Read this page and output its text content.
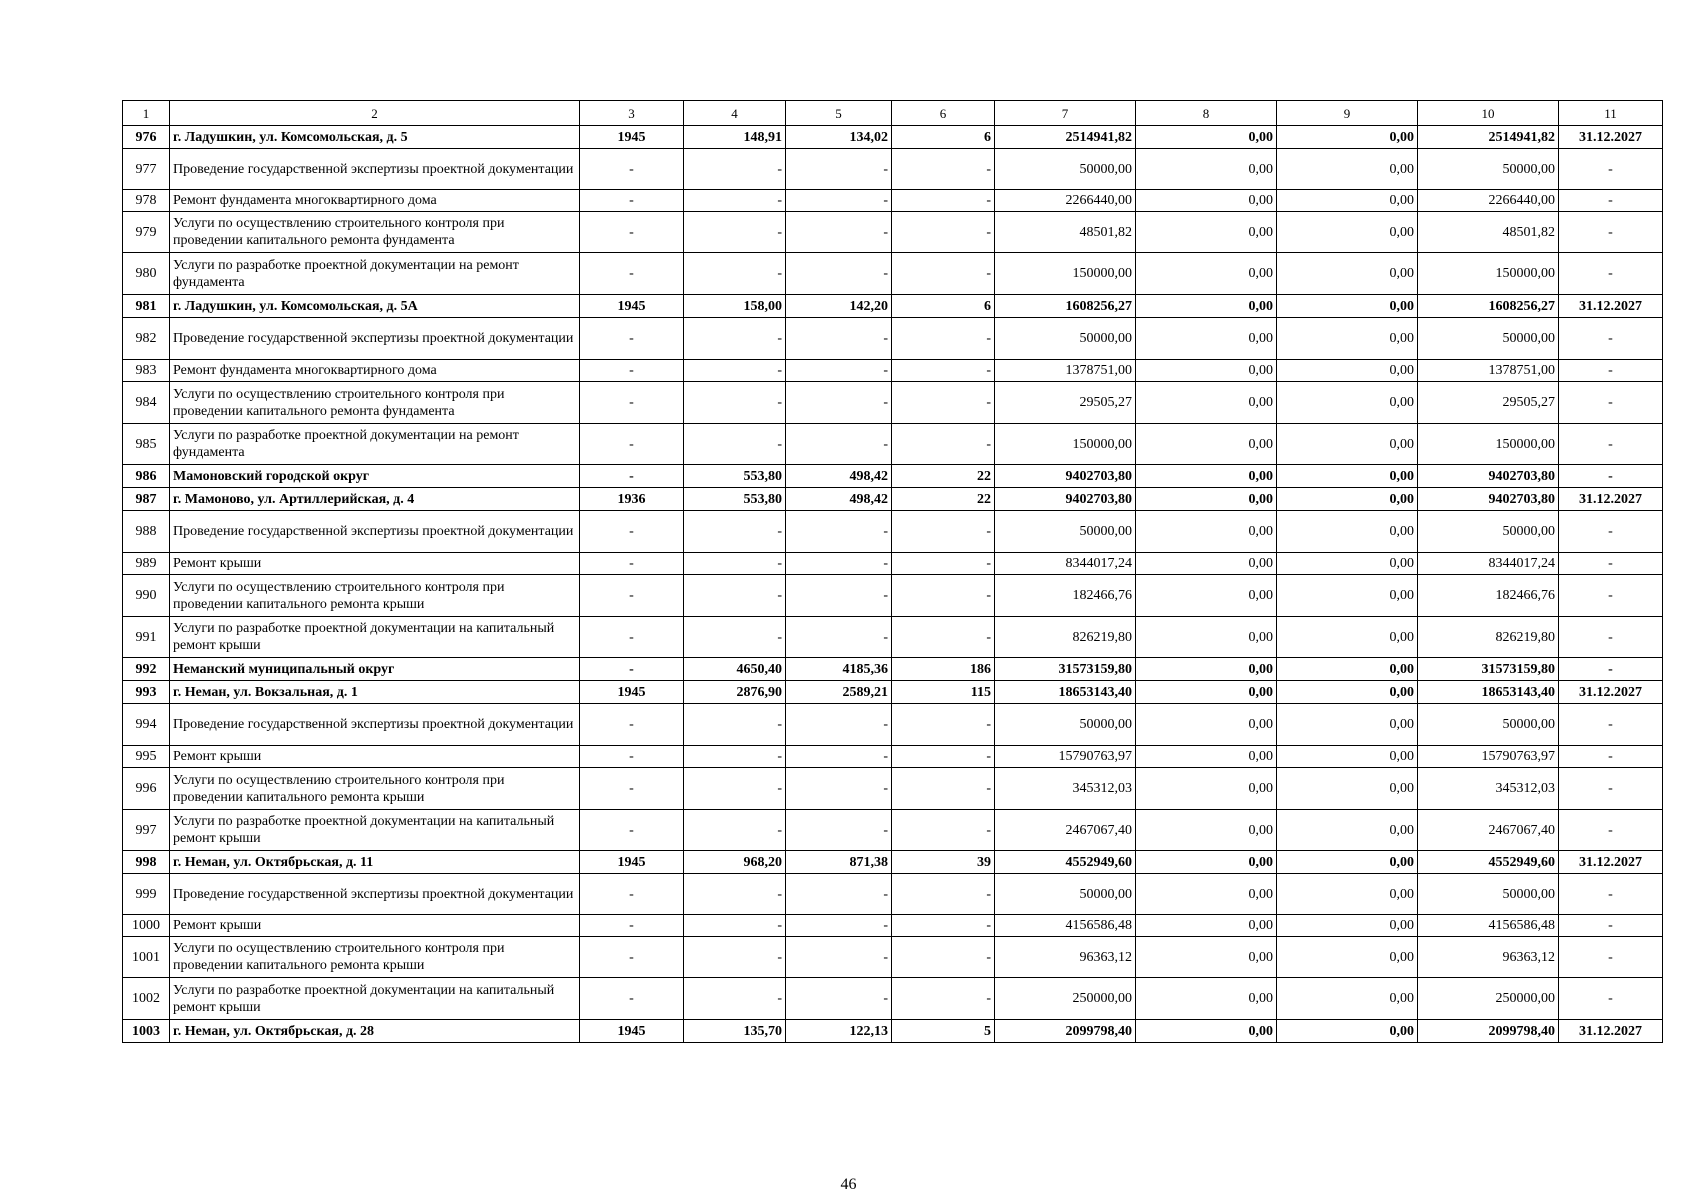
1	2	3	4	5	6	7	8	9	10	11
976	г. Ладушкин, ул. Комсомольская, д. 5	1945	148,91	134,02	6	2514941,82	0,00	0,00	2514941,82	31.12.2027
977	Проведение государственной экспертизы проектной документации	-	-	-	-	50000,00	0,00	0,00	50000,00	-
978	Ремонт фундамента многоквартирного дома	-	-	-	-	2266440,00	0,00	0,00	2266440,00	-
979	Услуги по осуществлению строительного контроля при проведении капитального ремонта фундамента	-	-	-	-	48501,82	0,00	0,00	48501,82	-
980	Услуги по разработке проектной документации на ремонт фундамента	-	-	-	-	150000,00	0,00	0,00	150000,00	-
981	г. Ладушкин, ул. Комсомольская, д. 5А	1945	158,00	142,20	6	1608256,27	0,00	0,00	1608256,27	31.12.2027
982	Проведение государственной экспертизы проектной документации	-	-	-	-	50000,00	0,00	0,00	50000,00	-
983	Ремонт фундамента многоквартирного дома	-	-	-	-	1378751,00	0,00	0,00	1378751,00	-
984	Услуги по осуществлению строительного контроля при проведении капитального ремонта фундамента	-	-	-	-	29505,27	0,00	0,00	29505,27	-
985	Услуги по разработке проектной документации на ремонт фундамента	-	-	-	-	150000,00	0,00	0,00	150000,00	-
986	Мамоновский городской округ	-	553,80	498,42	22	9402703,80	0,00	0,00	9402703,80	-
987	г. Мамоново, ул. Артиллерийская, д. 4	1936	553,80	498,42	22	9402703,80	0,00	0,00	9402703,80	31.12.2027
988	Проведение государственной экспертизы проектной документации	-	-	-	-	50000,00	0,00	0,00	50000,00	-
989	Ремонт крыши	-	-	-	-	8344017,24	0,00	0,00	8344017,24	-
990	Услуги по осуществлению строительного контроля при проведении капитального ремонта крыши	-	-	-	-	182466,76	0,00	0,00	182466,76	-
991	Услуги по разработке проектной документации на капитальный ремонт крыши	-	-	-	-	826219,80	0,00	0,00	826219,80	-
992	Неманский муниципальный округ	-	4650,40	4185,36	186	31573159,80	0,00	0,00	31573159,80	-
993	г. Неман, ул. Вокзальная, д. 1	1945	2876,90	2589,21	115	18653143,40	0,00	0,00	18653143,40	31.12.2027
994	Проведение государственной экспертизы проектной документации	-	-	-	-	50000,00	0,00	0,00	50000,00	-
995	Ремонт крыши	-	-	-	-	15790763,97	0,00	0,00	15790763,97	-
996	Услуги по осуществлению строительного контроля при проведении капитального ремонта крыши	-	-	-	-	345312,03	0,00	0,00	345312,03	-
997	Услуги по разработке проектной документации на капитальный ремонт крыши	-	-	-	-	2467067,40	0,00	0,00	2467067,40	-
998	г. Неман, ул. Октябрьская, д. 11	1945	968,20	871,38	39	4552949,60	0,00	0,00	4552949,60	31.12.2027
999	Проведение государственной экспертизы проектной документации	-	-	-	-	50000,00	0,00	0,00	50000,00	-
1000	Ремонт крыши	-	-	-	-	4156586,48	0,00	0,00	4156586,48	-
1001	Услуги по осуществлению строительного контроля при проведении капитального ремонта крыши	-	-	-	-	96363,12	0,00	0,00	96363,12	-
1002	Услуги по разработке проектной документации на капитальный ремонт крыши	-	-	-	-	250000,00	0,00	0,00	250000,00	-
1003	г. Неман, ул. Октябрьская, д. 28	1945	135,70	122,13	5	2099798,40	0,00	0,00	2099798,40	31.12.2027
46
